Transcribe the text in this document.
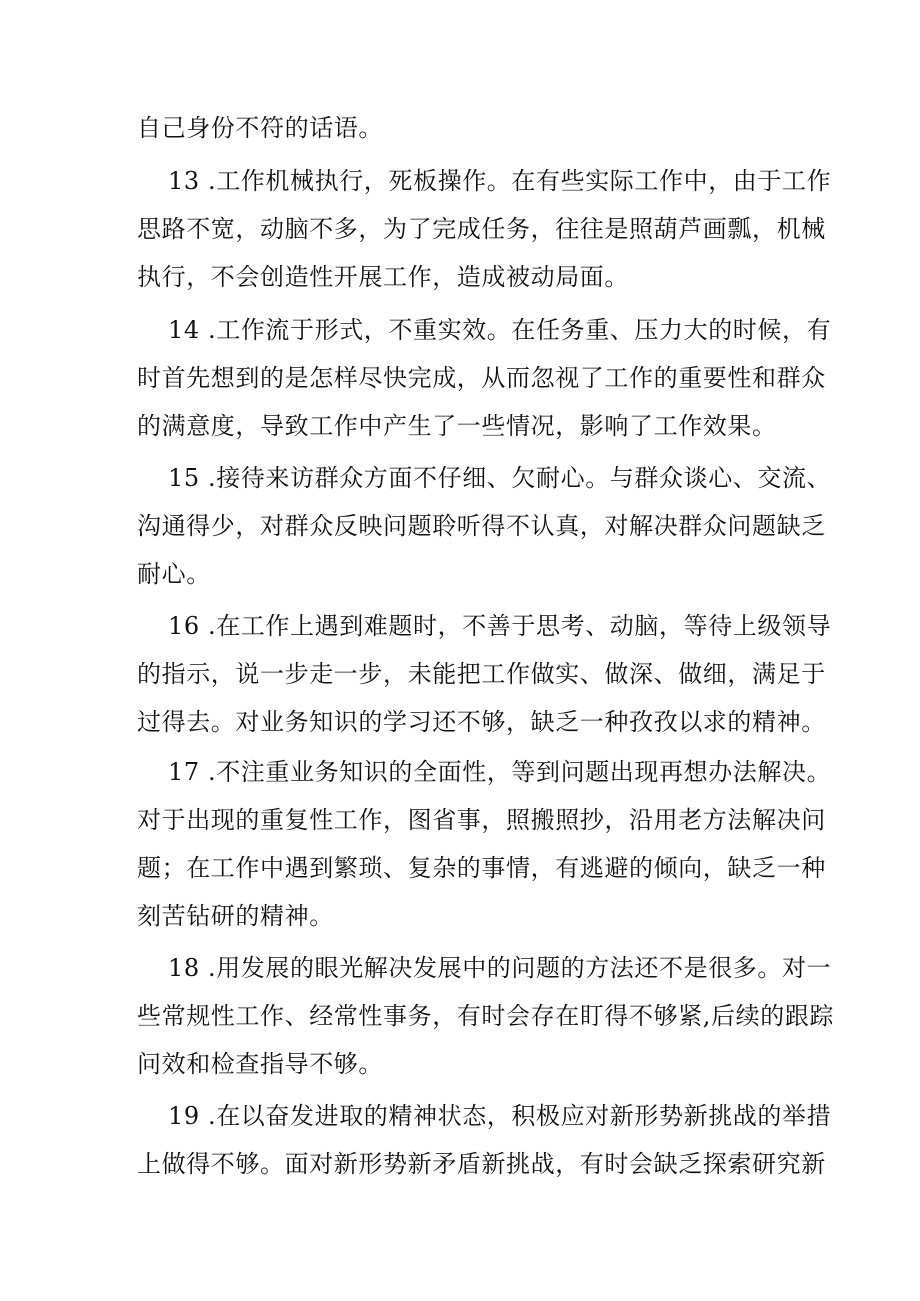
自己身份不符的话语。
13 .工作机械执行，死板操作。在有些实际工作中，由于工作
思路不宽，动脑不多，为了完成任务，往往是照葫芦画瓢，机械
执行，不会创造性开展工作，造成被动局面。
14 .工作流于形式，不重实效。在任务重、压力大的时候，有
时首先想到的是怎样尽快完成，从而忽视了工作的重要性和群众
的满意度，导致工作中产生了一些情况，影响了工作效果。
15 .接待来访群众方面不仔细、欠耐心。与群众谈心、交流、
沟通得少，对群众反映问题聆听得不认真，对解决群众问题缺乏
耐心。
16 .在工作上遇到难题时，不善于思考、动脑，等待上级领导
的指示，说一步走一步，未能把工作做实、做深、做细，满足于
过得去。对业务知识的学习还不够，缺乏一种孜孜以求的精神。
17 .不注重业务知识的全面性，等到问题出现再想办法解决。
对于出现的重复性工作，图省事，照搬照抄，沿用老方法解决问
题；在工作中遇到繁琐、复杂的事情，有逃避的倾向，缺乏一种
刻苦钻研的精神。
18 .用发展的眼光解决发展中的问题的方法还不是很多。对一
些常规性工作、经常性事务，有时会存在盯得不够紧,后续的跟踪
问效和检查指导不够。
19 .在以奋发进取的精神状态，积极应对新形势新挑战的举措
上做得不够。面对新形势新矛盾新挑战，有时会缺乏探索研究新
